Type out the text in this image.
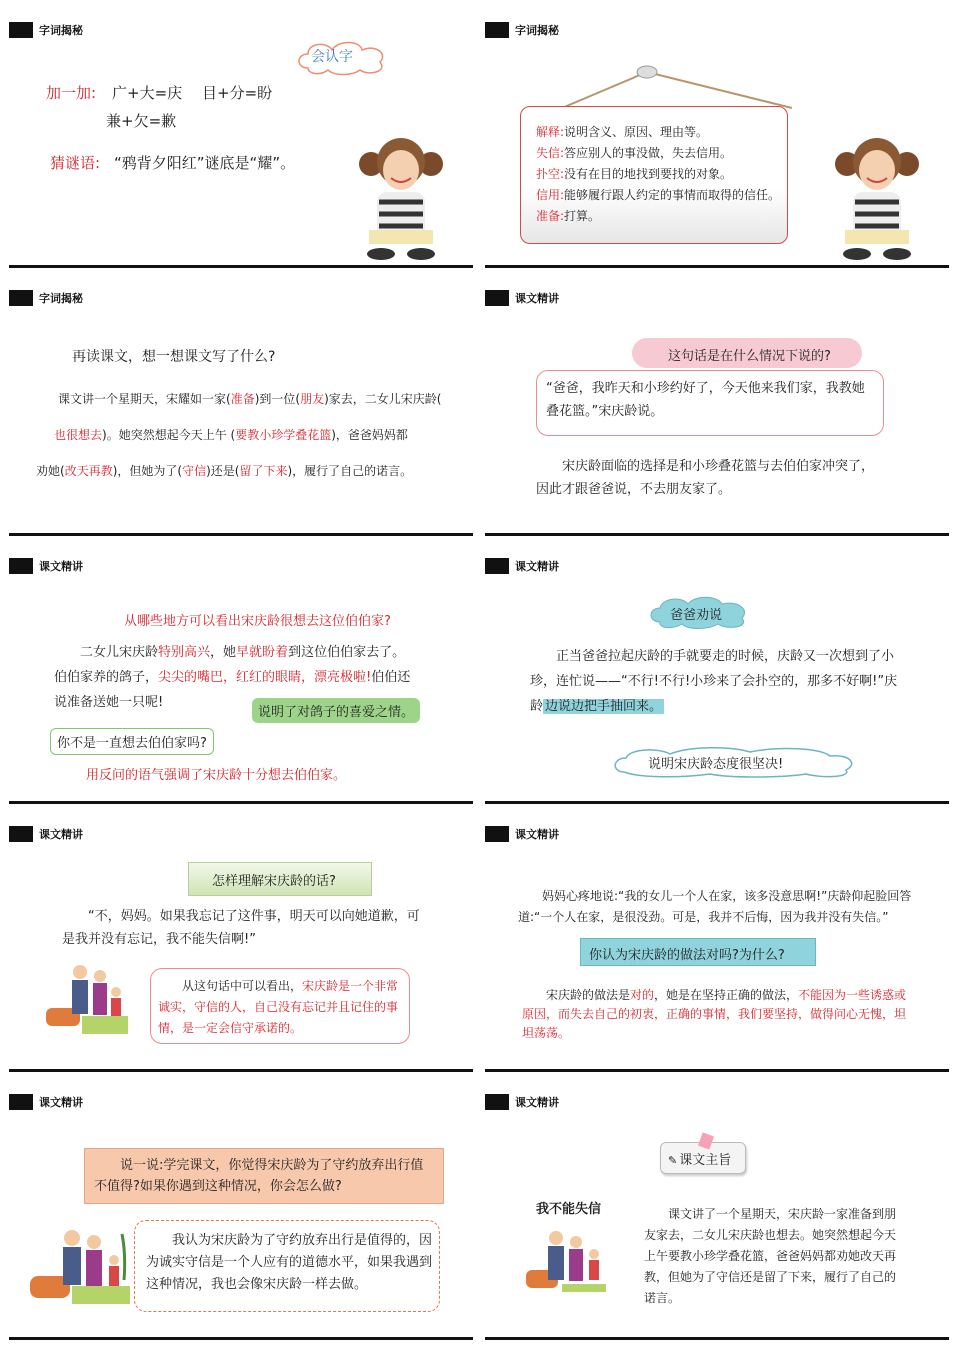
字词揭秘
会认字
加一加: 广+大=庆 目+分=盼
兼+欠=歉
猜谜语: “鸦背夕阳红”谜底是“耀”。
字词揭秘
解释:说明含义、原因、理由等。
失信:答应别人的事没做，失去信用。
扑空:没有在目的地找到要找的对象。
信用:能够履行跟人约定的事情而取得的信任。
准备:打算。
字词揭秘
再读课文，想一想课文写了什么?
课文讲一个星期天，宋耀如一家(准备)到一位(朋友)家去，二女儿宋庆龄(
也很想去)。她突然想起今天上午 (要教小珍学叠花篮)，爸爸妈妈都
劝她(改天再教)，但她为了(守信)还是(留了下来)，履行了自己的诺言。
课文精讲
这句话是在什么情况下说的?
“爸爸，我昨天和小珍约好了，今天他来我们家，我教她叠花篮。”宋庆龄说。
宋庆龄面临的选择是和小珍叠花篮与去伯伯家冲突了，因此才跟爸爸说，不去朋友家了。
课文精讲
从哪些地方可以看出宋庆龄很想去这位伯伯家?
二女儿宋庆龄特别高兴，她早就盼着到这位伯伯家去了。伯伯家养的鸽子，尖尖的嘴巴，红红的眼睛，漂亮极啦!伯伯还说准备送她一只呢!
说明了对鸽子的喜爱之情。
你不是一直想去伯伯家吗?
用反问的语气强调了宋庆龄十分想去伯伯家。
课文精讲
爸爸劝说
正当爸爸拉起庆龄的手就要走的时候，庆龄又一次想到了小珍，连忙说——“不行!不行!小珍来了会扑空的，那多不好啊!”庆龄 边说边把手抽回来。
说明宋庆龄态度很坚决!
课文精讲
怎样理解宋庆龄的话?
“不，妈妈。如果我忘记了这件事，明天可以向她道歉，可是我并没有忘记，我不能失信啊!”
从这句话中可以看出，宋庆龄是一个非常诚实，守信的人，自己没有忘记并且记住的事情，是一定会信守承诺的。
课文精讲
妈妈心疼地说:“我的女儿一个人在家，该多没意思啊!”庆龄仰起脸回答道:“一个人在家，是很没劲。可是，我并不后悔，因为我并没有失信。”
你认为宋庆龄的做法对吗?为什么?
宋庆龄的做法是对的，她是在坚持正确的做法，不能因为一些诱惑或原因，而失去自己的初衷，正确的事情，我们要坚持，做得问心无愧，坦坦荡荡。
课文精讲
说一说:学完课文，你觉得宋庆龄为了守约放弃出行值不值得?如果你遇到这种情况，你会怎么做?
我认为宋庆龄为了守约放弃出行是值得的，因为诚实守信是一个人应有的道德水平，如果我遇到这种情况，我也会像宋庆龄一样去做。
课文精讲
✎ 课文主旨
我不能失信	课文讲了一个星期天，宋庆龄一家准备到朋友家去，二女儿宋庆龄也想去。她突然想起今天上午要教小珍学叠花篮，爸爸妈妈都劝她改天再教，但她为了守信还是留了下来，履行了自己的诺言。
